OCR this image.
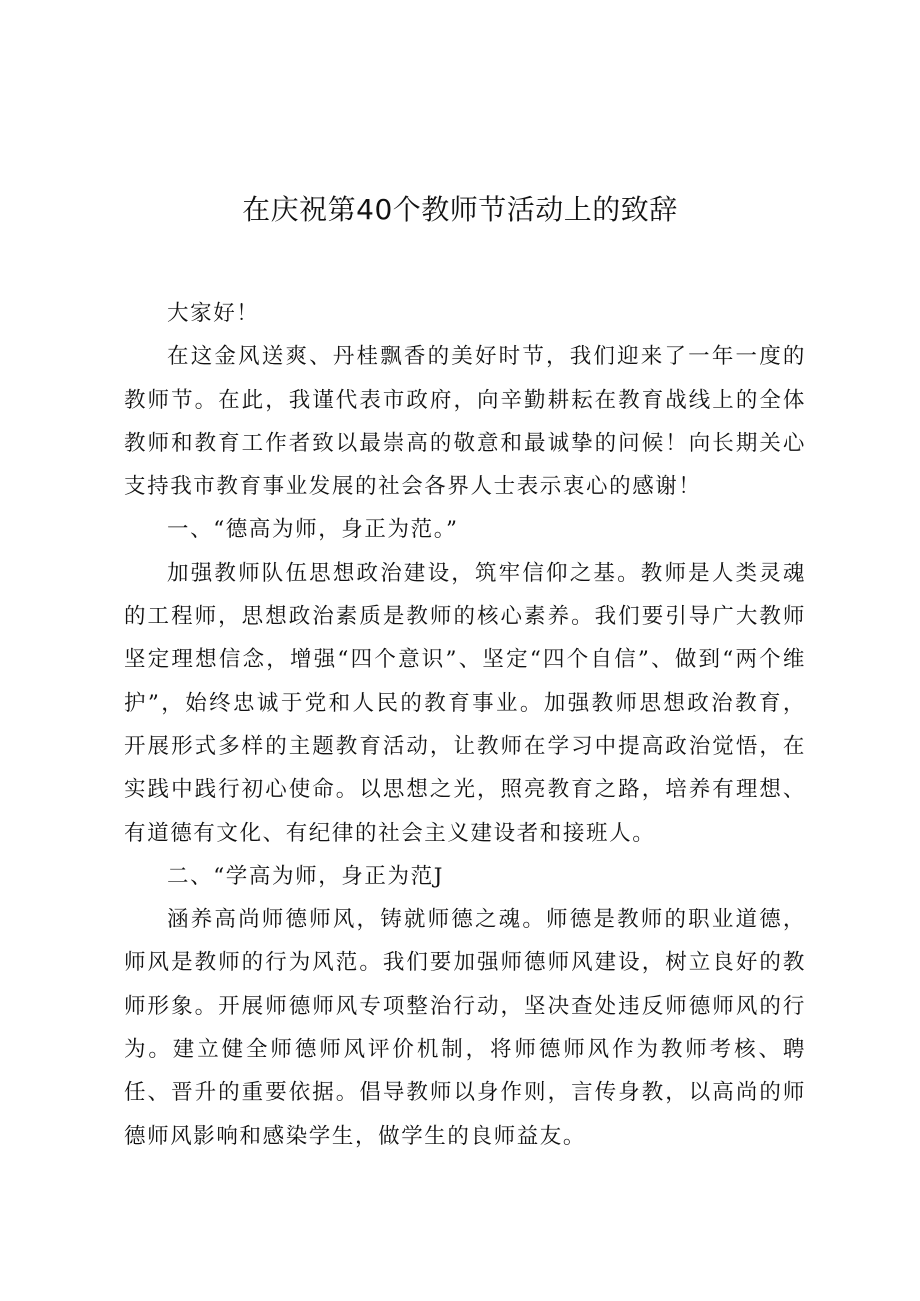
在庆祝第40个教师节活动上的致辞

大家好！

在这金风送爽、丹桂飘香的美好时节，我们迎来了一年一度的教师节。在此，我谨代表市政府，向辛勤耕耘在教育战线上的全体教师和教育工作者致以最崇高的敬意和最诚挚的问候！向长期关心支持我市教育事业发展的社会各界人士表示衷心的感谢！

一、“德高为师，身正为范。”

加强教师队伍思想政治建设，筑牢信仰之基。教师是人类灵魂的工程师，思想政治素质是教师的核心素养。我们要引导广大教师坚定理想信念，增强“四个意识”、坚定“四个自信”、做到“两个维护”，始终忠诚于党和人民的教育事业。加强教师思想政治教育，开展形式多样的主题教育活动，让教师在学习中提高政治觉悟，在实践中践行初心使命。以思想之光，照亮教育之路，培养有理想、有道德有文化、有纪律的社会主义建设者和接班人。

二、“学高为师，身正为范J

涵养高尚师德师风，铸就师德之魂。师德是教师的职业道德，师风是教师的行为风范。我们要加强师德师风建设，树立良好的教师形象。开展师德师风专项整治行动，坚决查处违反师德师风的行为。建立健全师德师风评价机制，将师德师风作为教师考核、聘任、晋升的重要依据。倡导教师以身作则，言传身教，以高尚的师德师风影响和感染学生，做学生的良师益友。
